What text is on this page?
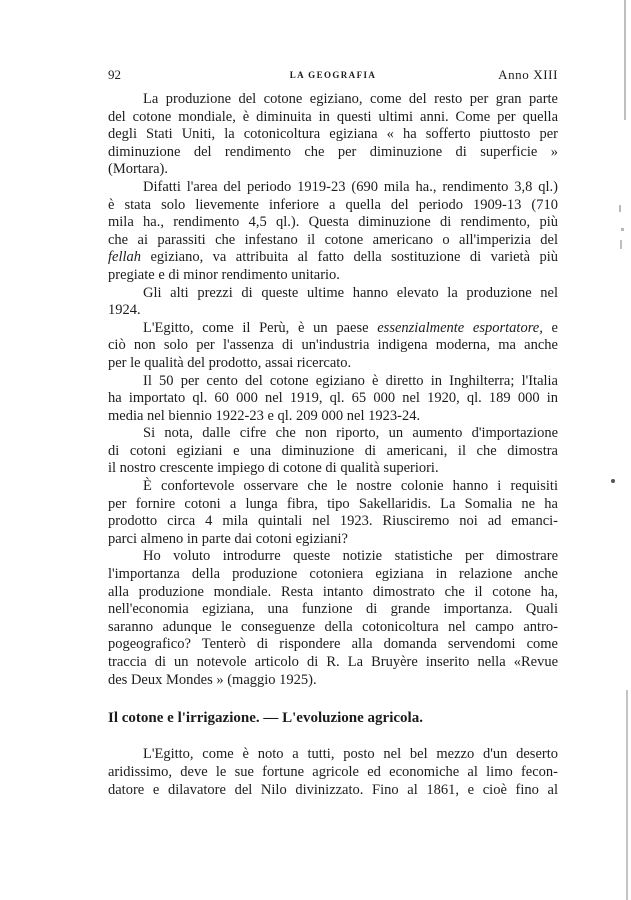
92	LA GEOGRAFIA	Anno XIII
La produzione del cotone egiziano, come del resto per gran parte
del cotone mondiale, è diminuita in questi ultimi anni. Come per quella
degli Stati Uniti, la cotonicoltura egiziana « ha sofferto piuttosto per
diminuzione del rendimento che per diminuzione di superficie »
(Mortara).
Difatti l'area del periodo 1919-23 (690 mila ha., rendimento 3,8 ql.)
è stata solo lievemente inferiore a quella del periodo 1909-13 (710
mila ha., rendimento 4,5 ql.). Questa diminuzione di rendimento, più
che ai parassiti che infestano il cotone americano o all'imperizia del
fellah egiziano, va attribuita al fatto della sostituzione di varietà più
pregiate e di minor rendimento unitario.
Gli alti prezzi di queste ultime hanno elevato la produzione nel
1924.
L'Egitto, come il Perù, è un paese essenzialmente esportatore, e
ciò non solo per l'assenza di un'industria indigena moderna, ma anche
per le qualità del prodotto, assai ricercato.
Il 50 per cento del cotone egiziano è diretto in Inghilterra; l'Italia
ha importato ql. 60 000 nel 1919, ql. 65 000 nel 1920, ql. 189 000 in
media nel biennio 1922-23 e ql. 209 000 nel 1923-24.
Si nota, dalle cifre che non riporto, un aumento d'importazione
di cotoni egiziani e una diminuzione di americani, il che dimostra
il nostro crescente impiego di cotone di qualità superiori.
È confortevole osservare che le nostre colonie hanno i requisiti
per fornire cotoni a lunga fibra, tipo Sakellaridis. La Somalia ne ha
prodotto circa 4 mila quintali nel 1923. Riusciremo noi ad emanci-
parci almeno in parte dai cotoni egiziani?
Ho voluto introdurre queste notizie statistiche per dimostrare
l'importanza della produzione cotoniera egiziana in relazione anche
alla produzione mondiale. Resta intanto dimostrato che il cotone ha,
nell'economia egiziana, una funzione di grande importanza. Quali
saranno adunque le conseguenze della cotonicoltura nel campo antro-
pogeografico? Tenterò di rispondere alla domanda servendomi come
traccia di un notevole articolo di R. La Bruyère inserito nella «Revue
des Deux Mondes » (maggio 1925).
Il cotone e l'irrigazione. — L'evoluzione agricola.
L'Egitto, come è noto a tutti, posto nel bel mezzo d'un deserto
aridissimo, deve le sue fortune agricole ed economiche al limo fecon-
datore e dilavatore del Nilo divinizzato. Fino al 1861, e cioè fino al
